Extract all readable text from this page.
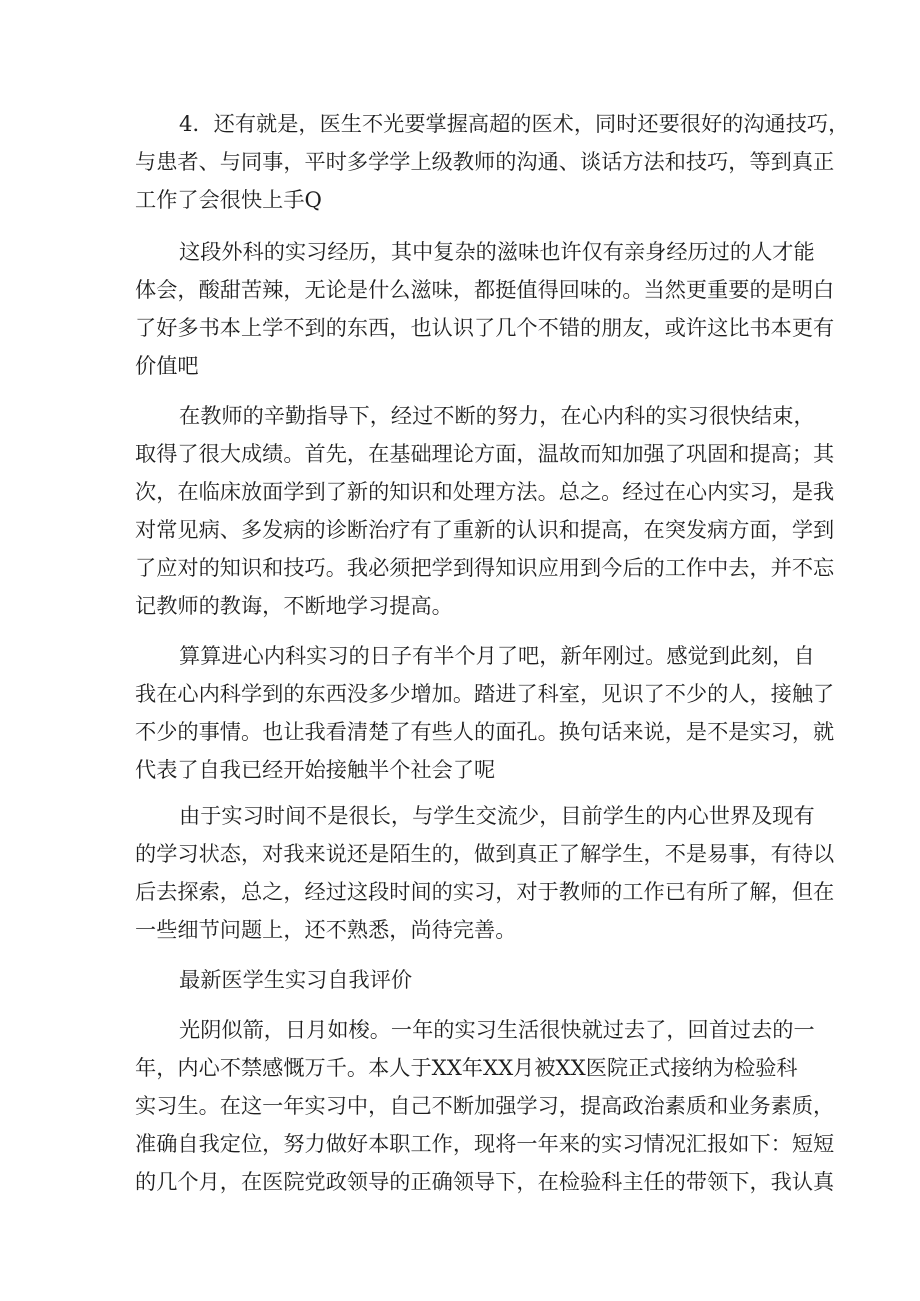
4．还有就是，医生不光要掌握高超的医术，同时还要很好的沟通技巧，
与患者、与同事，平时多学学上级教师的沟通、谈话方法和技巧，等到真正
工作了会很快上手Q
这段外科的实习经历，其中复杂的滋味也许仅有亲身经历过的人才能
体会，酸甜苦辣，无论是什么滋味，都挺值得回味的。当然更重要的是明白
了好多书本上学不到的东西，也认识了几个不错的朋友，或许这比书本更有
价值吧
在教师的辛勤指导下，经过不断的努力，在心内科的实习很快结束，
取得了很大成绩。首先，在基础理论方面，温故而知加强了巩固和提高；其
次，在临床放面学到了新的知识和处理方法。总之。经过在心内实习，是我
对常见病、多发病的诊断治疗有了重新的认识和提高，在突发病方面，学到
了应对的知识和技巧。我必须把学到得知识应用到今后的工作中去，并不忘
记教师的教诲，不断地学习提高。
算算进心内科实习的日子有半个月了吧，新年刚过。感觉到此刻，自
我在心内科学到的东西没多少增加。踏进了科室，见识了不少的人，接触了
不少的事情。也让我看清楚了有些人的面孔。换句话来说，是不是实习，就
代表了自我已经开始接触半个社会了呢
由于实习时间不是很长，与学生交流少，目前学生的内心世界及现有
的学习状态，对我来说还是陌生的，做到真正了解学生，不是易事，有待以
后去探索，总之，经过这段时间的实习，对于教师的工作已有所了解，但在
一些细节问题上，还不熟悉，尚待完善。
最新医学生实习自我评价
光阴似箭，日月如梭。一年的实习生活很快就过去了，回首过去的一
年，内心不禁感慨万千。本人于XX年XX月被XX医院正式接纳为检验科
实习生。在这一年实习中，自己不断加强学习，提高政治素质和业务素质，
准确自我定位，努力做好本职工作，现将一年来的实习情况汇报如下：短短
的几个月，在医院党政领导的正确领导下，在检验科主任的带领下，我认真
